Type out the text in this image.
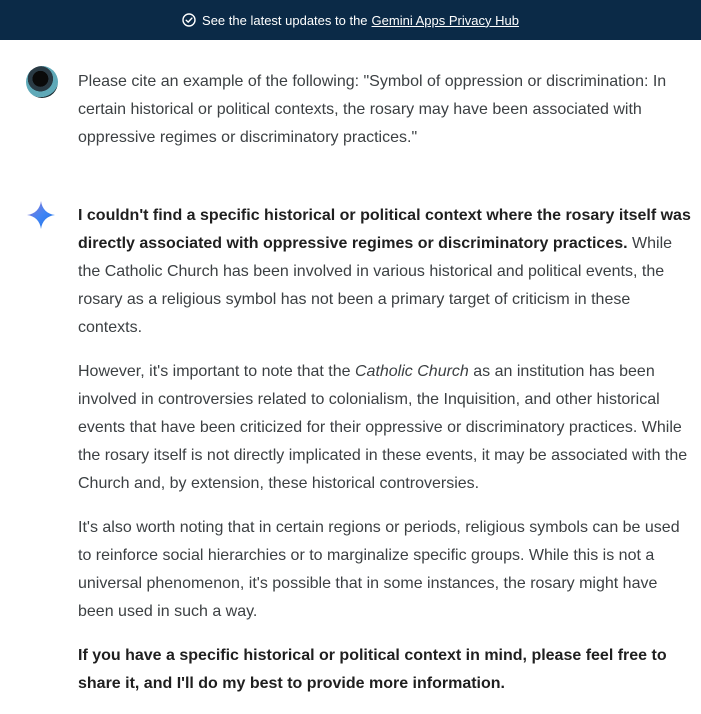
See the latest updates to the Gemini Apps Privacy Hub

Please cite an example of the following: "Symbol of oppression or discrimination: In certain historical or political contexts, the rosary may have been associated with oppressive regimes or discriminatory practices."

I couldn't find a specific historical or political context where the rosary itself was directly associated with oppressive regimes or discriminatory practices. While the Catholic Church has been involved in various historical and political events, the rosary as a religious symbol has not been a primary target of criticism in these contexts.

However, it's important to note that the Catholic Church as an institution has been involved in controversies related to colonialism, the Inquisition, and other historical events that have been criticized for their oppressive or discriminatory practices. While the rosary itself is not directly implicated in these events, it may be associated with the Church and, by extension, these historical controversies.

It's also worth noting that in certain regions or periods, religious symbols can be used to reinforce social hierarchies or to marginalize specific groups. While this is not a universal phenomenon, it's possible that in some instances, the rosary might have been used in such a way.

If you have a specific historical or political context in mind, please feel free to share it, and I'll do my best to provide more information.
